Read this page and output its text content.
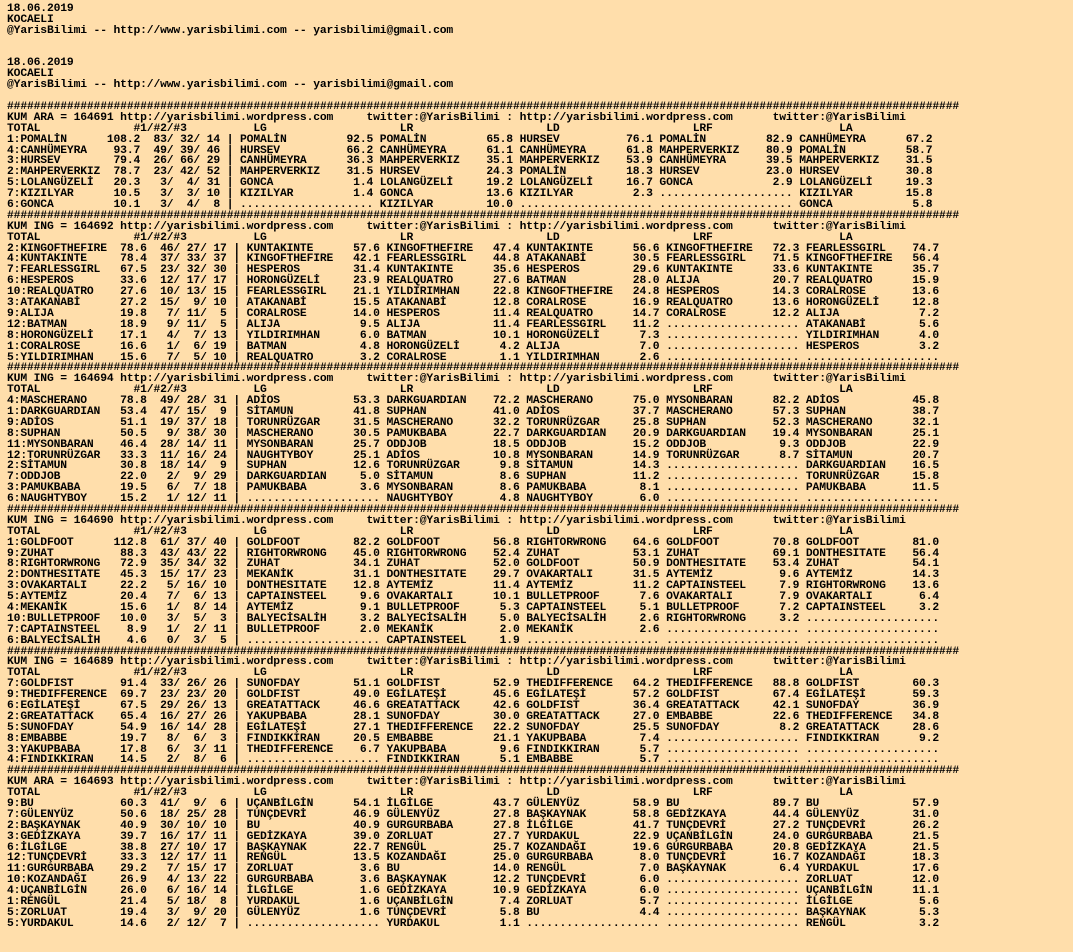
18.06.2019
KOCAELI
@YarisBilimi -- http://www.yarisbilimi.com -- yarisbilimi@gmail.com
18.06.2019
KOCAELI
@YarisBilimi -- http://www.yarisbilimi.com -- yarisbilimi@gmail.com
###############################################################################################################################################
KUM ARA = 164691 http://yarisbilimi.wordpress.com     twitter:@YarisBilimi : http://yarisbilimi.wordpress.com      twitter:@YarisBilimi
TOTAL              #1/#2/#3          LG                    LR                    LD                    LRF                   LA
1:POMALİN      108.2  83/ 32/ 14 | POMALİN         92.5 POMALİN         65.8 HURSEV          76.1 POMALİN         82.9 CANHÜMEYRA      67.2
4:CANHÜMEYRA    93.7  49/ 39/ 46 | HURSEV          66.2 CANHÜMEYRA      61.1 CANHÜMEYRA      61.8 MAHPERVERKIZ    80.9 POMALİN         58.7
3:HURSEV        79.4  26/ 66/ 29 | CANHÜMEYRA      36.3 MAHPERVERKIZ    35.1 MAHPERVERKIZ    53.9 CANHÜMEYRA      39.5 MAHPERVERKIZ    31.5
2:MAHPERVERKIZ  78.7  23/ 42/ 52 | MAHPERVERKIZ    31.5 HURSEV          24.3 POMALİN         18.3 HURSEV          23.0 HURSEV          30.8
5:LOLANGÜZELİ   20.3   3/  4/ 31 | GONCA            1.4 LOLANGÜZELİ     19.2 LOLANGÜZELİ     16.7 GONCA            2.9 LOLANGÜZELİ     19.3
7:KIZILYAR      10.5   3/  3/ 10 | KIZILYAR         1.4 GONCA           13.6 KIZILYAR         2.3 .................... KIZILYAR        15.8
6:GONCA         10.1   3/  4/  8 | .................... KIZILYAR        10.0 .................... .................... GONCA            5.8
###############################################################################################################################################
KUM ING = 164692 http://yarisbilimi.wordpress.com     twitter:@YarisBilimi : http://yarisbilimi.wordpress.com      twitter:@YarisBilimi
TOTAL              #1/#2/#3          LG                    LR                    LD                    LRF                   LA
2:KINGOFTHEFIRE  78.6  46/ 27/ 17 | KUNTAKINTE      57.6 KINGOFTHEFIRE   47.4 KUNTAKINTE      56.6 KINGOFTHEFIRE   72.3 FEARLESSGIRL    74.7
4:KUNTAKINTE     78.4  37/ 33/ 37 | KINGOFTHEFIRE   42.1 FEARLESSGIRL    44.8 ATAKANABİ       30.5 FEARLESSGIRL    71.5 KINGOFTHEFIRE   56.4
7:FEARLESSGIRL   67.5  23/ 32/ 30 | HESPEROS        31.4 KUNTAKINTE      35.6 HESPEROS        29.6 KUNTAKINTE      33.6 KUNTAKINTE      35.7
6:HESPEROS       33.6  12/ 17/ 17 | HORONGÜZELİ     23.9 REALQUATRO      27.6 BATMAN          28.0 ALIJA           20.7 REALQUATRO      15.9
10:REALQUATRO    27.6  10/ 13/ 15 | FEARLESSGIRL    21.1 YILDIRIMHAN     22.8 KINGOFTHEFIRE   24.8 HESPEROS        14.3 CORALROSE       13.6
3:ATAKANABİ      27.2  15/  9/ 10 | ATAKANABİ       15.5 ATAKANABİ       12.8 CORALROSE       16.9 REALQUATRO      13.6 HORONGÜZELİ     12.8
9:ALIJA          19.8   7/ 11/  5 | CORALROSE       14.0 HESPEROS        11.4 REALQUATRO      14.7 CORALROSE       12.2 ALIJA            7.2
12:BATMAN        18.9   9/ 11/  5 | ALIJA            9.5 ALIJA           11.4 FEARLESSGIRL    11.2 .................... ATAKANABİ        5.6
8:HORONGÜZELİ    17.1   4/  7/ 13 | YILDIRIMHAN      6.0 BATMAN          10.1 HORONGÜZELİ      7.3 .................... YILDIRIMHAN      4.0
1:CORALROSE      16.6   1/  6/ 19 | BATMAN           4.8 HORONGÜZELİ      4.2 ALIJA            7.0 .................... HESPEROS         3.2
5:YILDIRIMHAN    15.6   7/  5/ 10 | REALQUATRO       3.2 CORALROSE        1.1 YILDIRIMHAN      2.6 .................... ....................
###############################################################################################################################################
KUM ING = 164694 http://yarisbilimi.wordpress.com     twitter:@YarisBilimi : http://yarisbilimi.wordpress.com      twitter:@YarisBilimi
TOTAL              #1/#2/#3          LG                    LR                    LD                    LRF                   LA
4:MASCHERANO     78.8  49/ 28/ 31 | ADİOS           53.3 DARKGUARDIAN    72.2 MASCHERANO      75.0 MYSONBARAN      82.2 ADİOS           45.8
1:DARKGUARDIAN   53.4  47/ 15/  9 | SİTAMUN         41.8 SUPHAN          41.0 ADİOS           37.7 MASCHERANO      57.3 SUPHAN          38.7
9:ADİOS          51.1  19/ 37/ 18 | TORUNRÜZGAR     31.5 MASCHERANO      32.2 TORUNRÜZGAR     25.8 SUPHAN          52.3 MASCHERANO      32.1
8:SUPHAN         50.5   9/ 38/ 30 | MASCHERANO      30.5 PAMUKBABA       22.7 DARKGUARDIAN    20.9 DARKGUARDIAN    19.4 MYSONBARAN      25.1
11:MYSONBARAN    46.4  28/ 14/ 11 | MYSONBARAN      25.7 ODDJOB          18.5 ODDJOB          15.2 ODDJOB           9.3 ODDJOB          22.9
12:TORUNRÜZGAR   33.3  11/ 16/ 24 | NAUGHTYBOY      25.1 ADİOS           10.8 MYSONBARAN      14.9 TORUNRÜZGAR      8.7 SİTAMUN         20.7
2:SİTAMUN        30.8  18/ 14/  9 | SUPHAN          12.6 TORUNRÜZGAR      9.8 SİTAMUN         14.3 .................... DARKGUARDIAN    16.5
7:ODDJOB         22.0   2/  9/ 29 | DARKGUARDIAN     5.0 SİTAMUN          8.6 SUPHAN          11.2 .................... TORUNRÜZGAR     15.8
3:PAMUKBABA      19.5   6/  7/ 18 | PAMUKBABA        3.6 MYSONBARAN       8.6 PAMUKBABA        8.1 .................... PAMUKBABA       11.5
6:NAUGHTYBOY     15.2   1/ 12/ 11 | .................... NAUGHTYBOY       4.8 NAUGHTYBOY       6.0 .................... ....................
###############################################################################################################################################
KUM ING = 164690 http://yarisbilimi.wordpress.com     twitter:@YarisBilimi : http://yarisbilimi.wordpress.com      twitter:@YarisBilimi
TOTAL              #1/#2/#3          LG                    LR                    LD                    LRF                   LA
1:GOLDFOOT      112.8  61/ 37/ 40 | GOLDFOOT        82.2 GOLDFOOT        56.8 RIGHTORWRONG    64.6 GOLDFOOT        70.8 GOLDFOOT        81.0
9:ZUHAT          88.3  43/ 43/ 22 | RIGHTORWRONG    45.0 RIGHTORWRONG    52.4 ZUHAT           53.1 ZUHAT           69.1 DONTHESITATE    56.4
8:RIGHTORWRONG   72.9  35/ 34/ 32 | ZUHAT           34.1 ZUHAT           52.0 GOLDFOOT        50.9 DONTHESITATE    53.4 ZUHAT           54.1
2:DONTHESITATE   45.3  15/ 17/ 23 | MEKANİK         31.1 DONTHESITATE    29.7 OVAKARTALI      31.5 AYTEMİZ          9.6 AYTEMİZ         14.3
3:OVAKARTALI     22.2   5/ 16/ 10 | DONTHESITATE    12.8 AYTEMİZ         11.4 AYTEMİZ         11.2 CAPTAINSTEEL     7.9 RIGHTORWRONG    13.6
5:AYTEMİZ        20.4   7/  6/ 13 | CAPTAINSTEEL     9.6 OVAKARTALI      10.1 BULLETPROOF      7.6 OVAKARTALI       7.9 OVAKARTALI       6.4
4:MEKANİK        15.6   1/  8/ 14 | AYTEMİZ          9.1 BULLETPROOF      5.3 CAPTAINSTEEL     5.1 BULLETPROOF      7.2 CAPTAINSTEEL     3.2
10:BULLETPROOF   10.0   3/  5/  3 | BALYECİSALİH     3.2 BALYECİSALİH     5.0 BALYECİSALİH     2.6 RIGHTORWRONG     3.2 ....................
7:CAPTAINSTEEL    8.9   1/  2/ 11 | BULLETPROOF      2.0 MEKANİK          2.0 MEKANİK          2.6 .................... ....................
6:BALYECİSALİH    4.6   0/  3/  5 | .................... CAPTAINSTEEL     1.9 .................... .................... ....................
###############################################################################################################################################
KUM ING = 164689 http://yarisbilimi.wordpress.com     twitter:@YarisBilimi : http://yarisbilimi.wordpress.com      twitter:@YarisBilimi
TOTAL              #1/#2/#3          LG                    LR                    LD                    LRF                   LA
7:GOLDFIST       91.4  33/ 26/ 26 | SUNOFDAY        51.1 GOLDFIST        52.9 THEDIFFERENCE   64.2 THEDIFFERENCE   88.8 GOLDFIST        60.3
9:THEDIFFERENCE  69.7  23/ 23/ 20 | GOLDFIST        49.0 EGİLATEŞİ       45.6 EGİLATEŞİ       57.2 GOLDFIST        67.4 EGİLATEŞİ       59.3
6:EGİLATEŞİ      67.5  29/ 26/ 13 | GREATATTACK     46.6 GREATATTACK     42.6 GOLDFIST        36.4 GREATATTACK     42.1 SUNOFDAY        36.9
2:GREATATTACK    65.4  16/ 27/ 26 | YAKUPBABA       28.1 SUNOFDAY        30.0 GREATATTACK     27.0 EMBABBE         22.6 THEDIFFERENCE   34.8
5:SUNOFDAY       54.9  16/ 14/ 28 | EGİLATEŞİ       27.1 THEDIFFERENCE   22.2 SUNOFDAY        25.5 SUNOFDAY         8.2 GREATATTACK     28.6
8:EMBABBE        19.7   8/  6/  3 | FINDIKKIRAN     20.5 EMBABBE         21.1 YAKUPBABA        7.4 .................... FINDIKKIRAN      9.2
3:YAKUPBABA      17.8   6/  3/ 11 | THEDIFFERENCE    6.7 YAKUPBABA        9.6 FINDIKKIRAN      5.7 .................... ....................
4:FINDIKKIRAN    14.5   2/  8/  6 | .................... FINDIKKIRAN      5.1 EMBABBE          5.7 .................... ....................
###############################################################################################################################################
KUM ARA = 164693 http://yarisbilimi.wordpress.com     twitter:@YarisBilimi : http://yarisbilimi.wordpress.com      twitter:@YarisBilimi
TOTAL              #1/#2/#3          LG                    LR                    LD                    LRF                   LA
9:BU             60.3  41/  9/  6 | UÇANBİLGİN      54.1 İLGİLGE         43.7 GÜLENYÜZ        58.9 BU              89.7 BU              57.9
7:GÜLENYÜZ       50.6  18/ 25/ 28 | TUNÇDEVRİ       46.9 GÜLENYÜZ        27.8 BAŞKAYNAK       58.8 GEDİZKAYA       44.4 GÜLENYÜZ        31.0
2:BAŞKAYNAK      40.9  30/ 10/ 10 | BU              40.9 GURGURBABA      27.8 İLGİLGE         41.7 TUNÇDEVRİ       27.2 TUNÇDEVRİ       26.2
3:GEDİZKAYA      39.7  16/ 17/ 11 | GEDİZKAYA       39.0 ZORLUAT         27.7 YURDAKUL        22.9 UÇANBİLGİN      24.0 GURGURBABA      21.5
6:İLGİLGE        38.8  27/ 10/ 17 | BAŞKAYNAK       22.7 RENGÜL          25.7 KOZANDAĞI       19.6 GURGURBABA      20.8 GEDİZKAYA       21.5
12:TUNÇDEVRİ     33.3  12/ 17/ 11 | RENGÜL          13.5 KOZANDAĞI       25.0 GURGURBABA       8.0 TUNÇDEVRİ       16.7 KOZANDAĞI       18.3
11:GURGURBABA    29.2   7/ 15/ 17 | ZORLUAT          3.6 BU              14.0 RENGÜL           7.0 BAŞKAYNAK        6.4 YURDAKUL        17.6
10:KOZANDAĞI     26.9   4/ 13/ 22 | GURGURBABA       3.6 BAŞKAYNAK       12.2 TUNÇDEVRİ        6.0 .................... ZORLUAT         12.0
4:UÇANBİLGİN     26.0   6/ 16/ 14 | İLGİLGE          1.6 GEDİZKAYA       10.9 GEDİZKAYA        6.0 .................... UÇANBİLGİN      11.1
1:RENGÜL         21.4   5/ 18/  8 | YURDAKUL         1.6 UÇANBİLGİN       7.4 ZORLUAT          5.7 .................... İLGİLGE          5.6
5:ZORLUAT        19.4   3/  9/ 20 | GÜLENYÜZ         1.6 TUNÇDEVRİ        5.8 BU               4.4 .................... BAŞKAYNAK        5.3
5:YURDAKUL       14.6   2/ 12/  7 | .................... YURDAKUL         1.1 .................... .................... RENGÜL           3.2
